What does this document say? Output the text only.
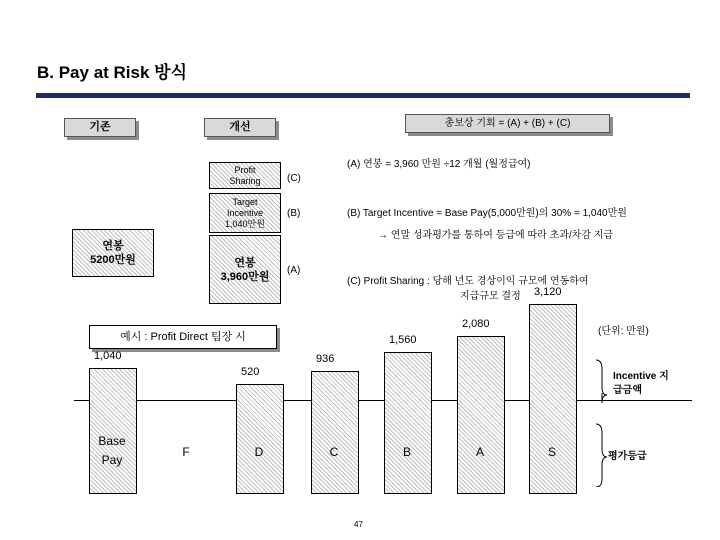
B. Pay at Risk 방식
기존	개선	총보상 기회 = (A) + (B) + (C)
연봉
5200만원
Profit
Sharing
Target
Incentive
1,040만원
연봉
3,960만원
(C)
(B)
(A)
(A) 연봉 = 3,960 만원 ÷12 개월 (월정급여)
(B) Target Incentive = Base Pay(5,000만원)의 30% = 1,040만원
→ 연말 성과평가를 통하여 등급에 따라 초과/차감 지급
(C) Profit Sharing : 당해 년도 경상이익 규모에 연동하여
지급규모 결정
예시 : Profit Direct 팀장 시	(단위: 만원)
1,040
Base
Pay
F
520
D
936
C
1,560
B
2,080
A
3,120
S
Incentive 지
급금액
평가등급
47
